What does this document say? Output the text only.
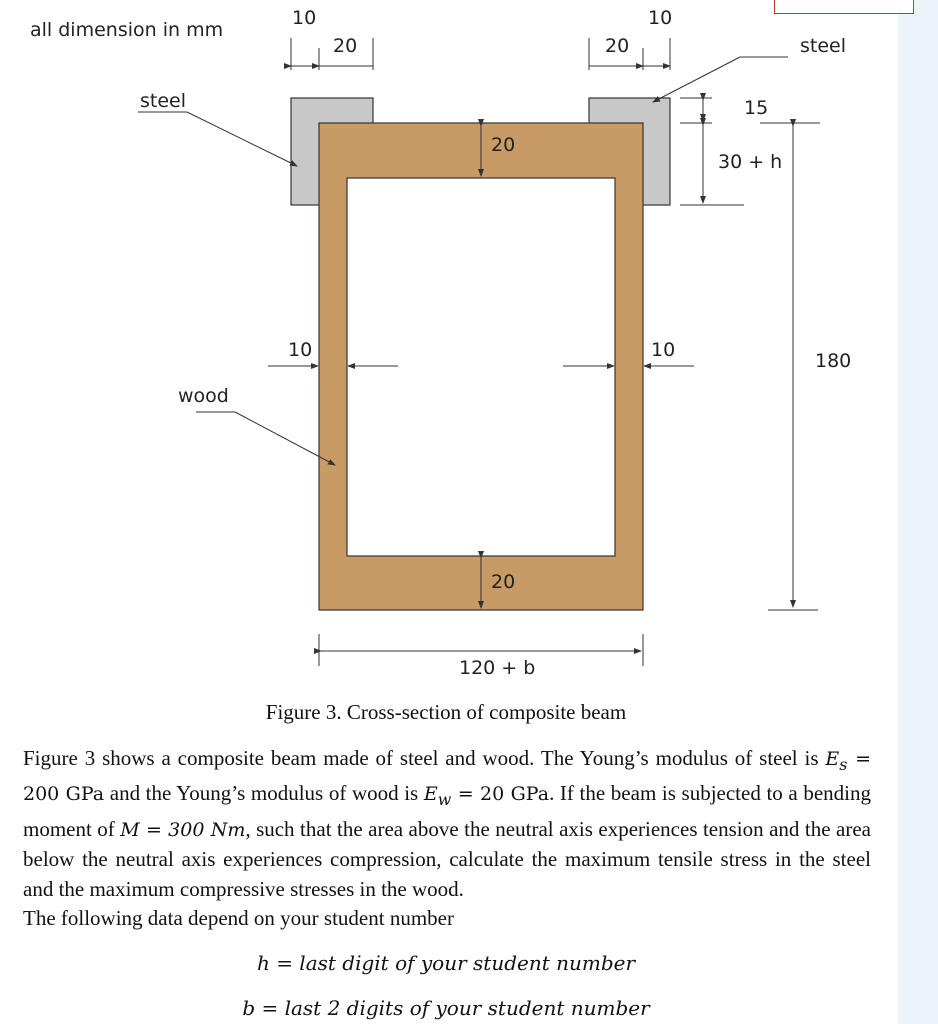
all dimension in mm
10
20
10
20	steel
steel
wood
20
20
10	10
15
30 + h
180
120 + b
Figure 3. Cross-section of composite beam
Figure 3 shows a composite beam made of steel and wood. The Young’s modulus of steel is $E_s = 200$ GPa and the Young’s modulus of wood is $E_w = 20$ GPa. If the beam is subjected to a bending moment of M = 300 Nm, such that the area above the neutral axis experiences tension and the area below the neutral axis experiences compression, calculate the maximum tensile stress in the steel and the maximum compressive stresses in the wood.
The following data depend on your student number
h = last digit of your student number
b = last 2 digits of your student number
